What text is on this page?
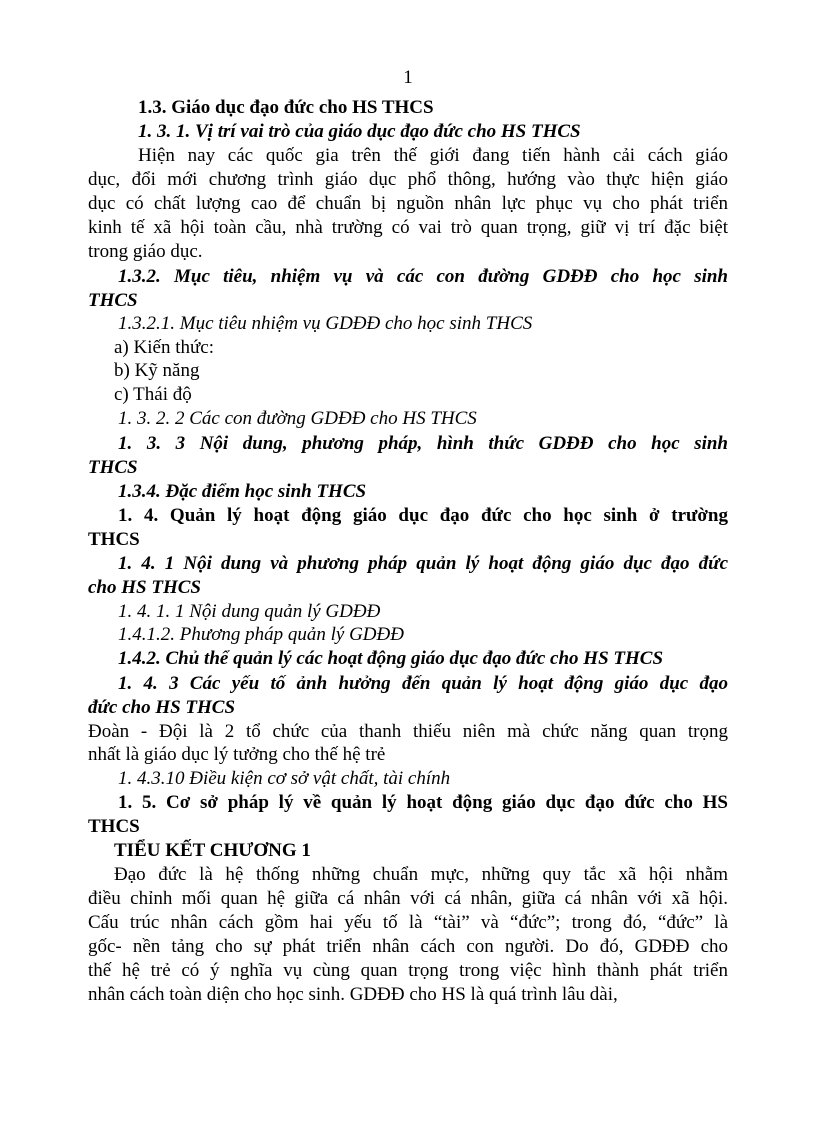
1
1.3. Giáo dục đạo đức cho HS THCS
1. 3. 1. Vị trí vai trò của giáo dục đạo đức cho HS THCS
Hiện nay các quốc gia trên thế giới đang tiến hành cải cách giáo
dục, đổi mới chương trình giáo dục phổ thông, hướng vào thực hiện giáo
dục có chất lượng cao để chuẩn bị nguồn nhân lực phục vụ cho phát triển
kinh tế xã hội toàn cầu, nhà trường có vai trò quan trọng, giữ vị trí đặc biệt
trong giáo dục.
1.3.2. Mục tiêu, nhiệm vụ và các con đường GDĐĐ cho học sinh
THCS
1.3.2.1. Mục tiêu nhiệm vụ GDĐĐ cho học sinh THCS
a) Kiến thức:
b) Kỹ năng
c) Thái độ
1. 3. 2. 2 Các con đường GDĐĐ cho HS THCS
1. 3. 3 Nội dung, phương pháp, hình thức GDĐĐ cho học sinh
THCS
1.3.4. Đặc điểm học sinh THCS
1. 4. Quản lý hoạt động giáo dục đạo đức cho học sinh ở trường
THCS
1. 4. 1 Nội dung và phương pháp quản lý hoạt động giáo dục đạo đức
cho HS THCS
1. 4. 1. 1 Nội dung quản lý GDĐĐ
1.4.1.2. Phương pháp quản lý GDĐĐ
1.4.2. Chủ thể quản lý các hoạt động giáo dục đạo đức cho HS THCS
1. 4. 3 Các yếu tố ảnh hưởng đến quản lý hoạt động giáo dục đạo
đức cho HS THCS
Đoàn - Đội là 2 tổ chức của thanh thiếu niên mà chức năng quan trọng
nhất là giáo dục lý tưởng cho thế hệ trẻ
1. 4.3.10 Điều kiện cơ sở vật chất, tài chính
1. 5. Cơ sở pháp lý về quản lý hoạt động giáo dục đạo đức cho HS
THCS
TIỂU KẾT CHƯƠNG 1
Đạo đức là hệ thống những chuẩn mực, những quy tắc xã hội nhằm
điều chỉnh mối quan hệ giữa cá nhân với cá nhân, giữa cá nhân với xã hội.
Cấu trúc nhân cách gồm hai yếu tố là “tài” và “đức”; trong đó, “đức” là
gốc- nền tảng cho sự phát triển nhân cách con người. Do đó, GDĐĐ cho
thế hệ trẻ có ý nghĩa vụ cùng quan trọng trong việc hình thành phát triển
nhân cách toàn diện cho học sinh. GDĐĐ cho HS là quá trình lâu dài,
